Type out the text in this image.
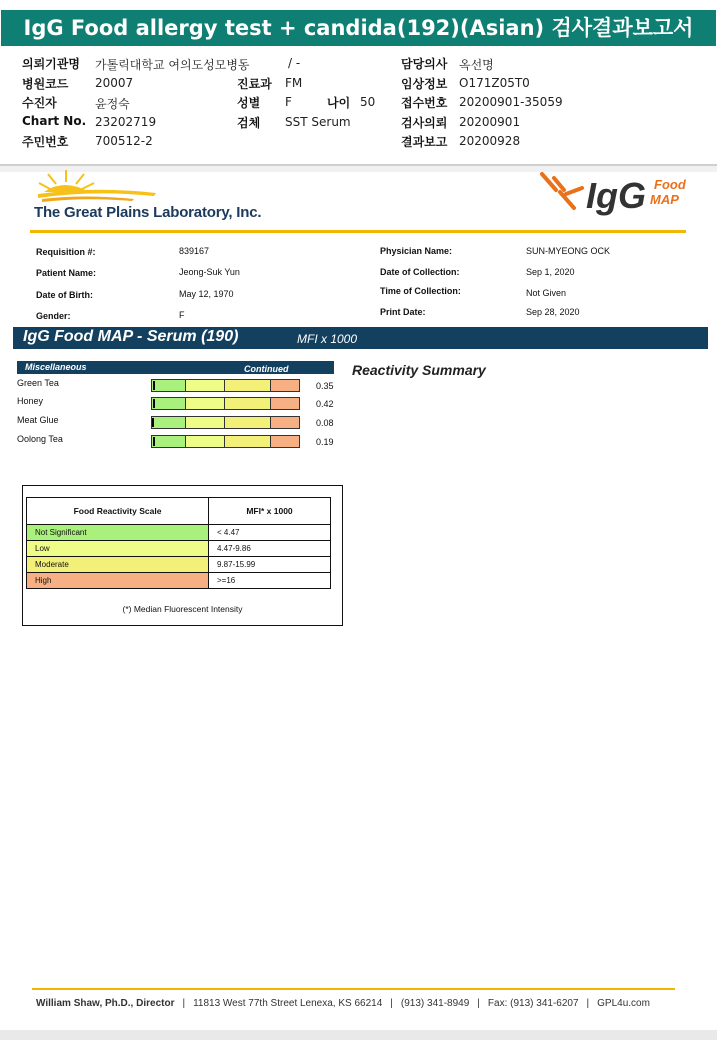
IgG Food allergy test + candida(192)(Asian) 검사결과보고서
의뢰기관명 가톨릭대학교 여의도성모병동	/ -
병원코드 20007
수진자	윤정숙
Chart No. 23202719
주민번호 700512-2
진료과 FM
성별 F	나이 50
검체 SST Serum
담당의사 옥선명
임상정보 O171Z05T0
접수번호 20200901-35059
검사의뢰 20200901
결과보고 20200928
The Great Plains Laboratory, Inc.	IgG Food
MAP
Requisition #:	839167
Patient Name:	Jeong-Suk Yun
Date of Birth:	May 12, 1970
Gender:	F
Physician Name:	SUN-MYEONG OCK
Date of Collection:	Sep 1, 2020
Time of Collection:	Not Given
Print Date:	Sep 28, 2020
IgG Food MAP - Serum (190)	MFI x 1000
Miscellaneous	Continued
Green Tea	0.35
Honey	0.42
Meat Glue	0.08
Oolong Tea	0.19
Reactivity Summary
Food Reactivity Scale	MFI* x 1000
Not Significant	< 4.47
Low	4.47-9.86
Moderate	9.87-15.99
High	>=16
(*) Median Fluorescent Intensity
William Shaw, Ph.D., Director | 11813 West 77th Street Lenexa, KS 66214 | (913) 341-8949 | Fax: (913) 341-6207 | GPL4u.com
